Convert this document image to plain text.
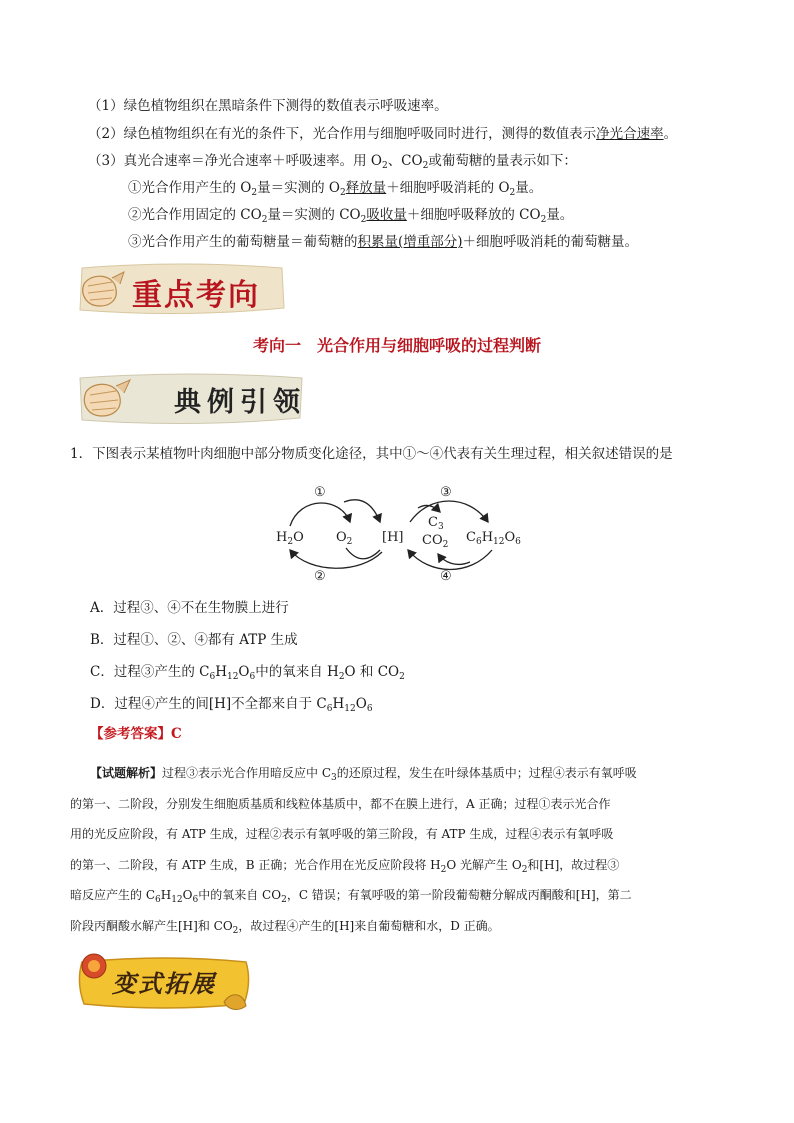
（1）绿色植物组织在黑暗条件下测得的数值表示呼吸速率。
（2）绿色植物组织在有光的条件下，光合作用与细胞呼吸同时进行，测得的数值表示净光合速率。
（3）真光合速率＝净光合速率＋呼吸速率。用 $O_2$、$CO_2$或葡萄糖的量表示如下：
①光合作用产生的 $O_2$量＝实测的 $O_2$释放量＋细胞呼吸消耗的 $O_2$量。
②光合作用固定的 $CO_2$量＝实测的 $CO_2$吸收量＋细胞呼吸释放的 $CO_2$量。
③光合作用产生的葡萄糖量＝葡萄糖的积累量(增重部分)＋细胞呼吸消耗的葡萄糖量。
重点考向
考向一　光合作用与细胞呼吸的过程判断
典例引领
1．下图表示某植物叶肉细胞中部分物质变化途径，其中①～④代表有关生理过程，相关叙述错误的是
①
②
③
④
$H_2O$ $O_2$ [H]
$C_3$
$CO_2$ $C_6H_{12}O_6$
A．过程③、④不在生物膜上进行
B．过程①、②、④都有 ATP 生成
C．过程③产生的 $C_6H_{12}O_6$中的氧来自 $H_2O$ 和 $CO_2$
D．过程④产生的间[H]不全都来自于 $C_6H_{12}O_6$
【参考答案】C
【试题解析】过程③表示光合作用暗反应中 $C_3$的还原过程，发生在叶绿体基质中；过程④表示有氧呼吸
的第一、二阶段，分别发生细胞质基质和线粒体基质中，都不在膜上进行，A 正确；过程①表示光合作
用的光反应阶段，有 ATP 生成，过程②表示有氧呼吸的第三阶段，有 ATP 生成，过程④表示有氧呼吸
的第一、二阶段，有 ATP 生成，B 正确；光合作用在光反应阶段将 $H_2O$ 光解产生 $O_2$和[H]，故过程③
暗反应产生的 $C_6H_{12}O_6$中的氧来自 $CO_2$，C 错误；有氧呼吸的第一阶段葡萄糖分解成丙酮酸和[H]，第二
阶段丙酮酸水解产生[H]和 $CO_2$，故过程④产生的[H]来自葡萄糖和水，D 正确。
变式拓展
